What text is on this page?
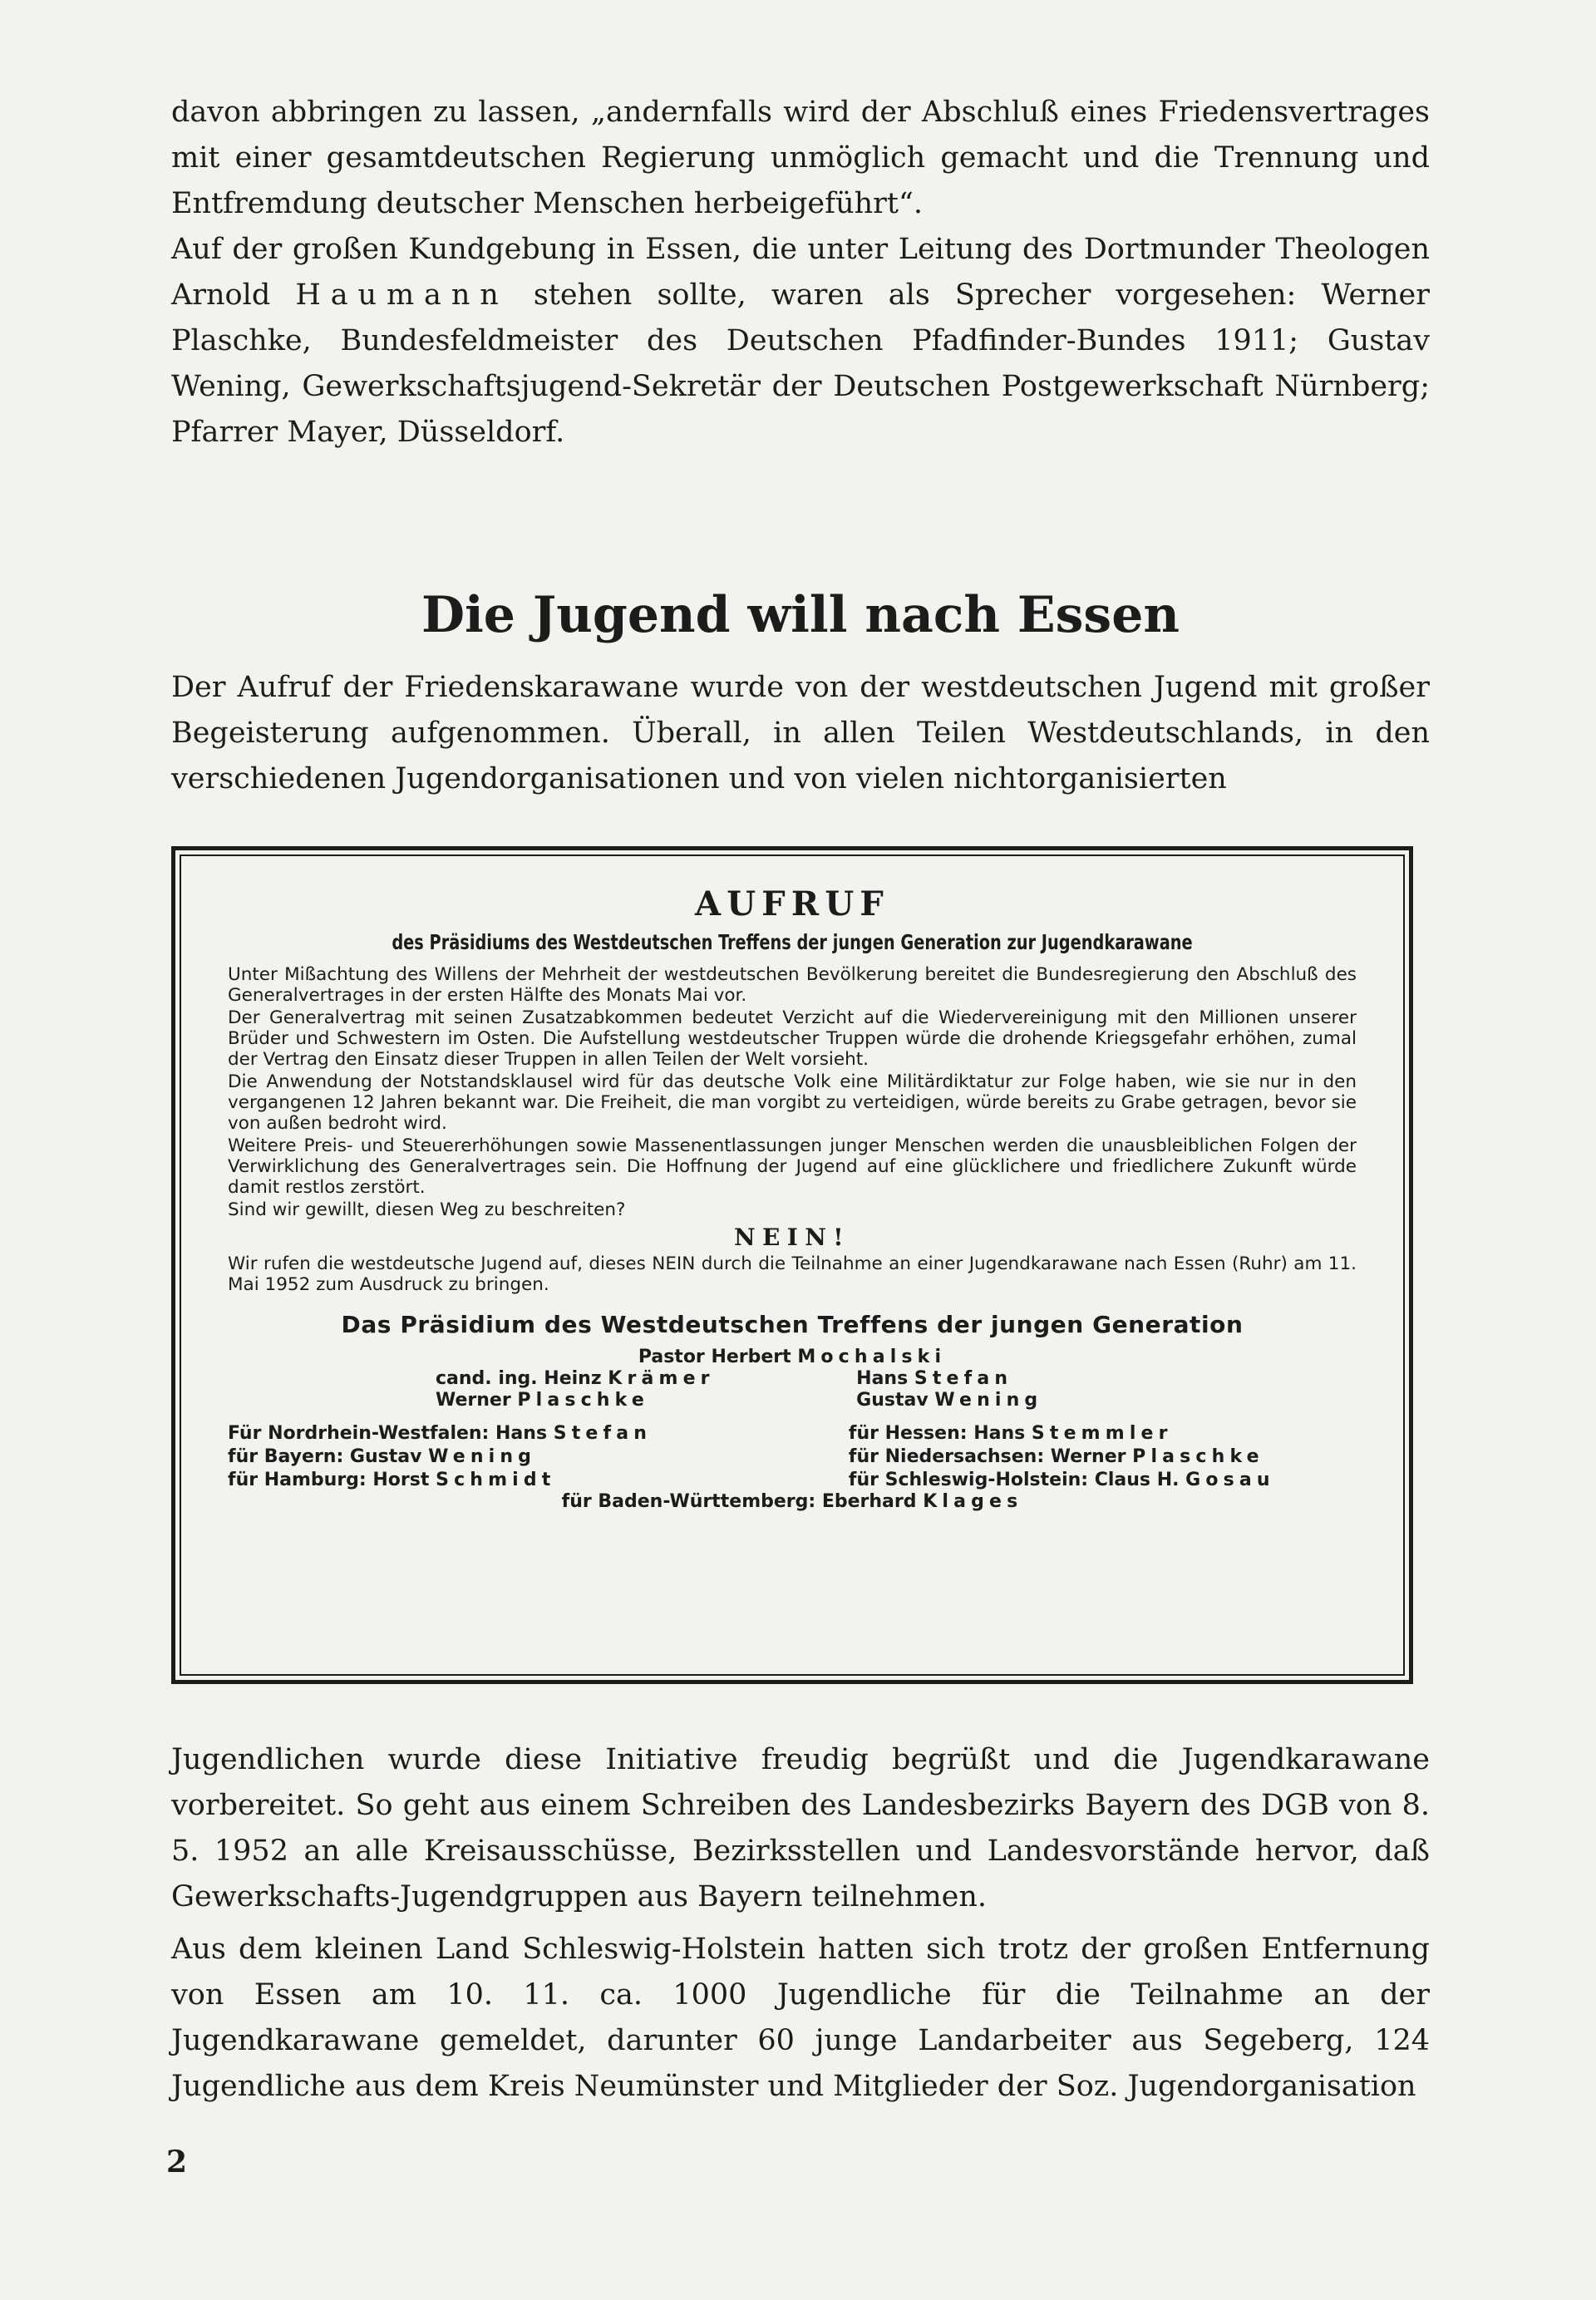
davon abbringen zu lassen, „andernfalls wird der Abschluß eines Friedensvertrages mit einer gesamtdeutschen Regierung unmöglich gemacht und die Trennung und Entfremdung deutscher Menschen herbeigeführt“.

Auf der großen Kundgebung in Essen, die unter Leitung des Dortmunder Theologen Arnold Haumann stehen sollte, waren als Sprecher vorgesehen: Werner Plaschke, Bundesfeldmeister des Deutschen Pfadfinder-Bundes 1911; Gustav Wening, Gewerkschaftsjugend-Sekretär der Deutschen Postgewerkschaft Nürnberg; Pfarrer Mayer, Düsseldorf.

Die Jugend will nach Essen

Der Aufruf der Friedenskarawane wurde von der westdeutschen Jugend mit großer Begeisterung aufgenommen. Überall, in allen Teilen Westdeutschlands, in den verschiedenen Jugendorganisationen und von vielen nichtorganisierten

AUFRUF

des Präsidiums des Westdeutschen Treffens der jungen Generation zur Jugendkarawane

Unter Mißachtung des Willens der Mehrheit der westdeutschen Bevölkerung bereitet die Bundesregierung den Abschluß des Generalvertrages in der ersten Hälfte des Monats Mai vor.

Der Generalvertrag mit seinen Zusatzabkommen bedeutet Verzicht auf die Wiedervereinigung mit den Millionen unserer Brüder und Schwestern im Osten. Die Aufstellung westdeutscher Truppen würde die drohende Kriegsgefahr erhöhen, zumal der Vertrag den Einsatz dieser Truppen in allen Teilen der Welt vorsieht.

Die Anwendung der Notstandsklausel wird für das deutsche Volk eine Militärdiktatur zur Folge haben, wie sie nur in den vergangenen 12 Jahren bekannt war. Die Freiheit, die man vorgibt zu verteidigen, würde bereits zu Grabe getragen, bevor sie von außen bedroht wird.

Weitere Preis- und Steuererhöhungen sowie Massenentlassungen junger Menschen werden die unausbleiblichen Folgen der Verwirklichung des Generalvertrages sein. Die Hoffnung der Jugend auf eine glücklichere und friedlichere Zukunft würde damit restlos zerstört.

Sind wir gewillt, diesen Weg zu beschreiten?

NEIN!

Wir rufen die westdeutsche Jugend auf, dieses NEIN durch die Teilnahme an einer Jugendkarawane nach Essen (Ruhr) am 11. Mai 1952 zum Ausdruck zu bringen.

Das Präsidium des Westdeutschen Treffens der jungen Generation

Pastor Herbert Mochalski
cand. ing. Heinz Krämer	Hans Stefan
Werner Plaschke	Gustav Wening
Für Nordrhein-Westfalen: Hans Stefan	für Hessen: Hans Stemmler
für Bayern: Gustav Wening	für Niedersachsen: Werner Plaschke
für Hamburg: Horst Schmidt	für Schleswig-Holstein: Claus H. Gosau
für Baden-Württemberg: Eberhard Klages

Jugendlichen wurde diese Initiative freudig begrüßt und die Jugendkarawane vorbereitet. So geht aus einem Schreiben des Landesbezirks Bayern des DGB von 8. 5. 1952 an alle Kreisausschüsse, Bezirksstellen und Landesvorstände hervor, daß Gewerkschafts-Jugendgruppen aus Bayern teilnehmen.

Aus dem kleinen Land Schleswig-Holstein hatten sich trotz der großen Entfernung von Essen am 10. 11. ca. 1000 Jugendliche für die Teilnahme an der Jugendkarawane gemeldet, darunter 60 junge Landarbeiter aus Segeberg, 124 Jugendliche aus dem Kreis Neumünster und Mitglieder der Soz. Jugendorganisation

2
